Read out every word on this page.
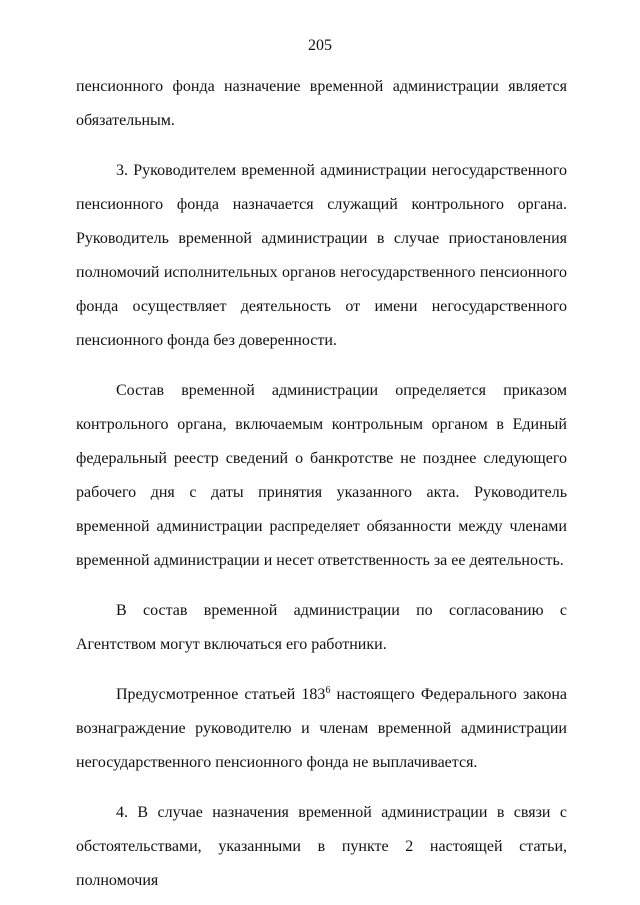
205

пенсионного фонда назначение временной администрации является обязательным.

3. Руководителем временной администрации негосударственного пенсионного фонда назначается служащий контрольного органа. Руководитель временной администрации в случае приостановления полномочий исполнительных органов негосударственного пенсионного фонда осуществляет деятельность от имени негосударственного пенсионного фонда без доверенности.

Состав временной администрации определяется приказом контрольного органа, включаемым контрольным органом в Единый федеральный реестр сведений о банкротстве не позднее следующего рабочего дня с даты принятия указанного акта. Руководитель временной администрации распределяет обязанности между членами временной администрации и несет ответственность за ее деятельность.

В состав временной администрации по согласованию с Агентством могут включаться его работники.

Предусмотренное статьей $183^6$ настоящего Федерального закона вознаграждение руководителю и членам временной администрации негосударственного пенсионного фонда не выплачивается.

4. В случае назначения временной администрации в связи с обстоятельствами, указанными в пункте 2 настоящей статьи, полномочия
